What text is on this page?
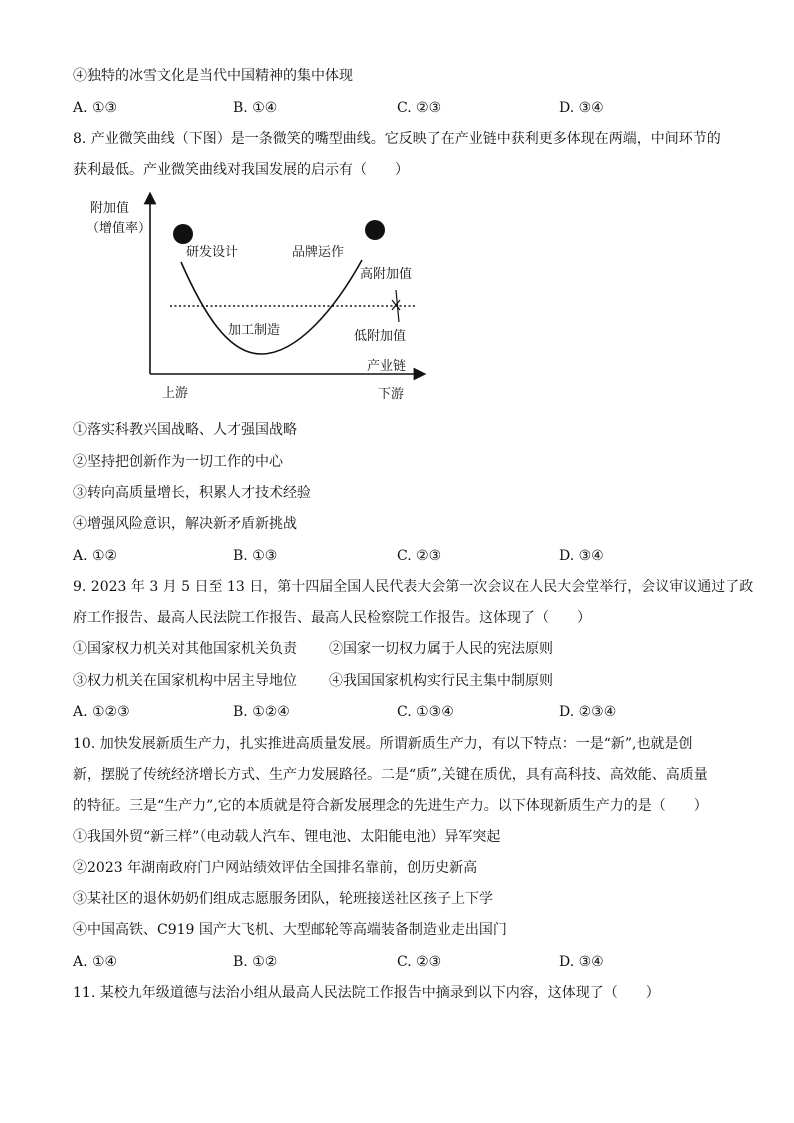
④独特的冰雪文化是当代中国精神的集中体现
A. ①③	B. ①④	C. ②③	D. ③④
8. 产业微笑曲线（下图）是一条微笑的嘴型曲线。它反映了在产业链中获利更多体现在两端，中间环节的
获利最低。产业微笑曲线对我国发展的启示有（　　）
附加值
（增值率）
研发设计	品牌运作
高附加值
加工制造	低附加值
产业链
上游	下游
①落实科教兴国战略、人才强国战略
②坚持把创新作为一切工作的中心
③转向高质量增长，积累人才技术经验
④增强风险意识，解决新矛盾新挑战
A. ①②	B. ①③	C. ②③	D. ③④
9. 2023 年 3 月 5 日至 13 日，第十四届全国人民代表大会第一次会议在人民大会堂举行，会议审议通过了政
府工作报告、最高人民法院工作报告、最高人民检察院工作报告。这体现了（　　）
①国家权力机关对其他国家机关负责 ②国家一切权力属于人民的宪法原则
③权力机关在国家机构中居主导地位 ④我国国家机构实行民主集中制原则
A. ①②③	B. ①②④	C. ①③④	D. ②③④
10. 加快发展新质生产力，扎实推进高质量发展。所谓新质生产力，有以下特点：一是“新”,也就是创
新，摆脱了传统经济增长方式、生产力发展路径。二是“质”,关键在质优，具有高科技、高效能、高质量
的特征。三是“生产力”,它的本质就是符合新发展理念的先进生产力。以下体现新质生产力的是（　　）
①我国外贸“新三样”（电动载人汽车、锂电池、太阳能电池）异军突起
②2023 年湖南政府门户网站绩效评估全国排名靠前，创历史新高
③某社区的退休奶奶们组成志愿服务团队，轮班接送社区孩子上下学
④中国高铁、C919 国产大飞机、大型邮轮等高端装备制造业走出国门
A. ①④	B. ①②	C. ②③	D. ③④
11. 某校九年级道德与法治小组从最高人民法院工作报告中摘录到以下内容，这体现了（　　）
